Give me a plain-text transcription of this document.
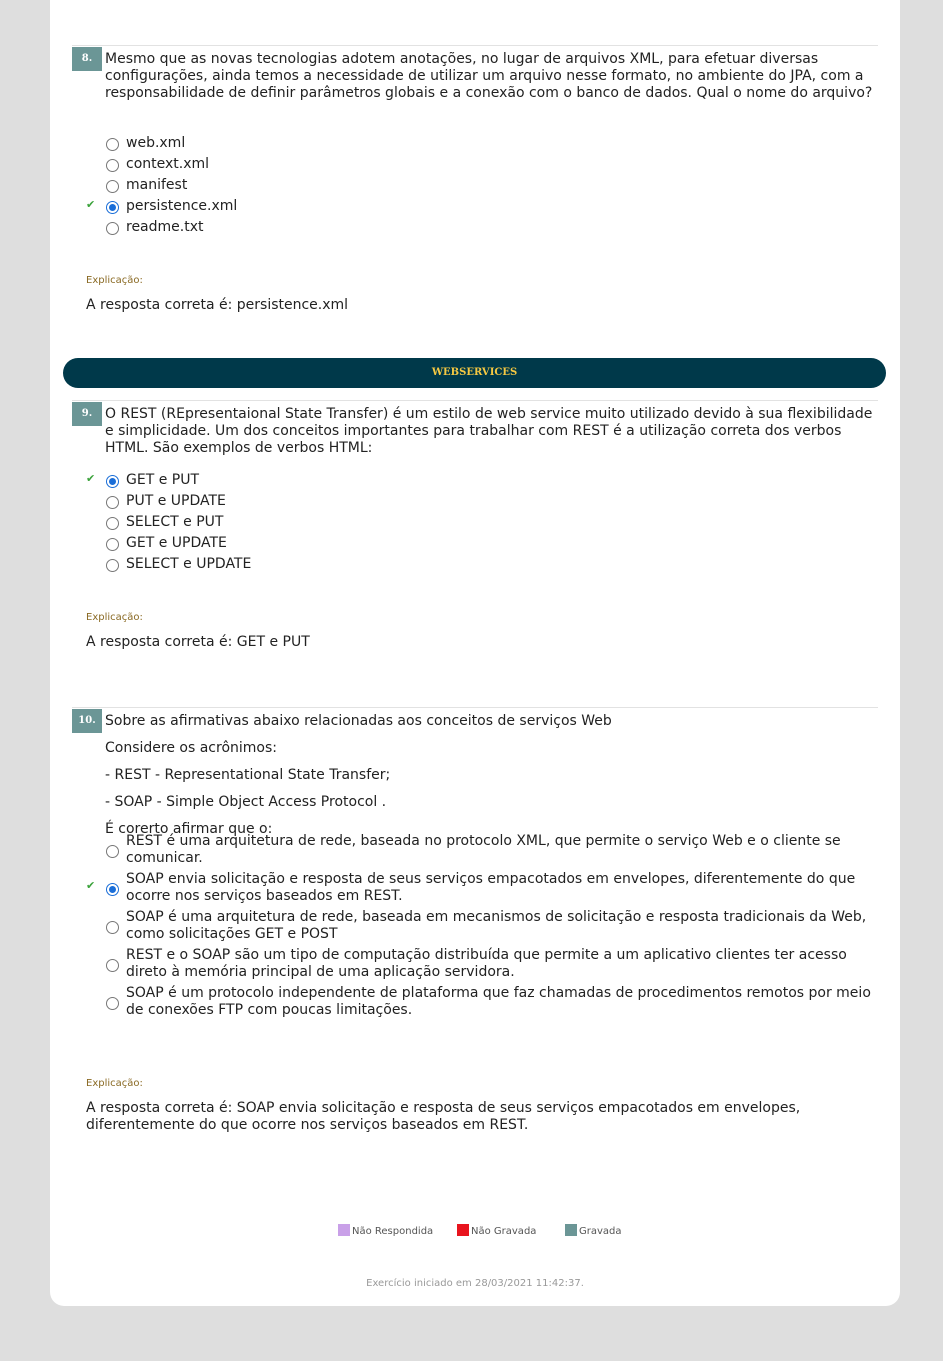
8. Mesmo que as novas tecnologias adotem anotações, no lugar de arquivos XML, para efetuar diversas configurações, ainda temos a necessidade de utilizar um arquivo nesse formato, no ambiente do JPA, com a responsabilidade de definir parâmetros globais e a conexão com o banco de dados. Qual o nome do arquivo?

web.xml
context.xml
manifest
✔ persistence.xml
readme.txt
Explicação:
A resposta correta é: persistence.xml
WEBSERVICES
9. O REST (REpresentaional State Transfer) é um estilo de web service muito utilizado devido à sua flexibilidade e simplicidade. Um dos conceitos importantes para trabalhar com REST é a utilização correta dos verbos HTML. São exemplos de verbos HTML:

✔ GET e PUT
PUT e UPDATE
SELECT e PUT
GET e UPDATE
SELECT e UPDATE
Explicação:
A resposta correta é: GET e PUT
10. Sobre as afirmativas abaixo relacionadas aos conceitos de serviços Web

Considere os acrônimos:

- REST - Representational State Transfer;

- SOAP - Simple Object Access Protocol .

É corerto afirmar que o:

REST é uma arquitetura de rede, baseada no protocolo XML, que permite o serviço Web e o cliente se comunicar.
✔ SOAP envia solicitação e resposta de seus serviços empacotados em envelopes, diferentemente do que ocorre nos serviços baseados em REST.
SOAP é uma arquitetura de rede, baseada em mecanismos de solicitação e resposta tradicionais da Web, como solicitações GET e POST
REST e o SOAP são um tipo de computação distribuída que permite a um aplicativo clientes ter acesso direto à memória principal de uma aplicação servidora.
SOAP é um protocolo independente de plataforma que faz chamadas de procedimentos remotos por meio de conexões FTP com poucas limitações.
Explicação:
A resposta correta é: SOAP envia solicitação e resposta de seus serviços empacotados em envelopes, diferentemente do que ocorre nos serviços baseados em REST.
Não Respondida	Não Gravada	Gravada
Exercício iniciado em 28/03/2021 11:42:37.
